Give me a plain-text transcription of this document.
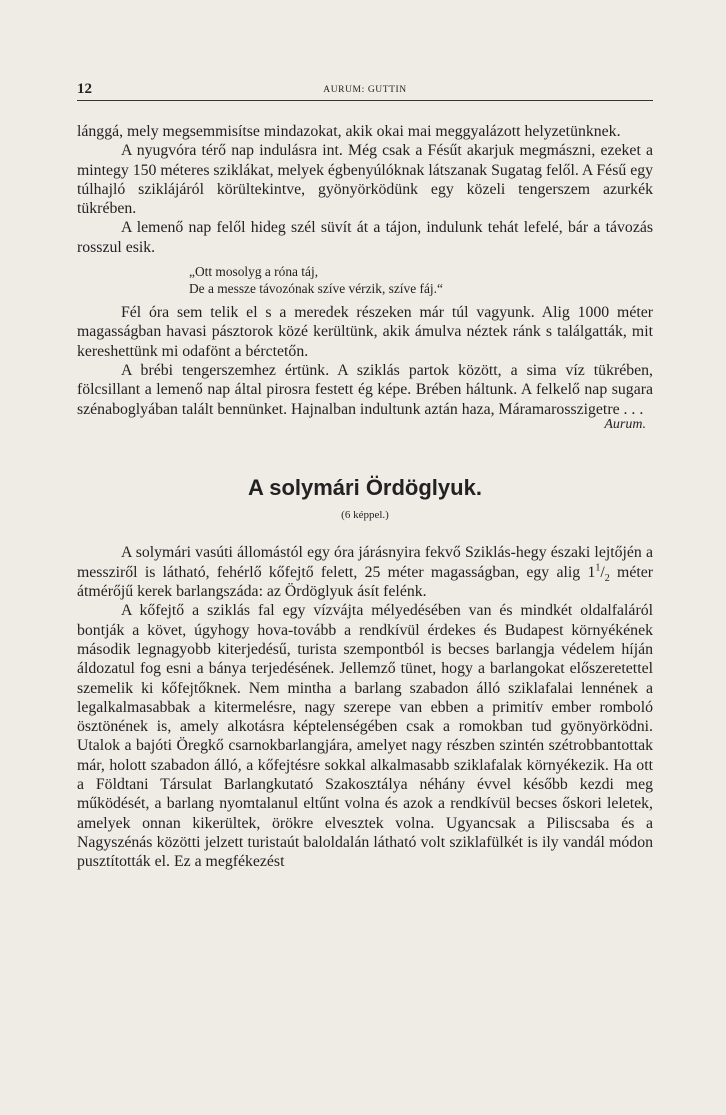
12	AURUM: GUTTIN

lánggá, mely megsemmisítse mindazokat, akik okai mai meggyalázott helyzetünknek.

A nyugvóra térő nap indulásra int. Még csak a Fésűt akarjuk megmászni, ezeket a mintegy 150 méteres sziklákat, melyek égbenyúlóknak látszanak Sugatag felől. A Fésű egy túlhajló sziklájáról körültekintve, gyönyörködünk egy közeli tengerszem azurkék tükrében.

A lemenő nap felől hideg szél süvít át a tájon, indulunk tehát lefelé, bár a távozás rosszul esik.

„Ott mosolyg a róna táj,
De a messze távozónak szíve vérzik, szíve fáj.“

Fél óra sem telik el s a meredek részeken már túl vagyunk. Alig 1000 méter magasságban havasi pásztorok közé kerültünk, akik ámulva néztek ránk s találgatták, mit kereshettünk mi odafönt a bérctetőn.

A brébi tengerszemhez értünk. A sziklás partok között, a sima víz tükrében, fölcsillant a lemenő nap által pirosra festett ég képe. Brében háltunk. A felkelő nap sugara szénaboglyában talált bennünket. Hajnalban indultunk aztán haza, Máramarosszigetre . . .

Aurum.
A solymári Ördöglyuk.
(6 képpel.)

A solymári vasúti állomástól egy óra járásnyira fekvő Sziklás-hegy északi lejtőjén a messziről is látható, fehérlő kőfejtő felett, 25 méter magasságban, egy alig $1^1/_2$ méter átmérőjű kerek barlangszáda: az Ördöglyuk ásít felénk.

A kőfejtő a sziklás fal egy vízvájta mélyedésében van és mindkét oldalfaláról bontják a követ, úgyhogy hova-tovább a rendkívül érdekes és Budapest környékének második legnagyobb kiterjedésű, turista szempontból is becses barlangja védelem híján áldozatul fog esni a bánya terjedésének. Jellemző tünet, hogy a barlangokat előszeretettel szemelik ki kőfejtőknek. Nem mintha a barlang szabadon álló sziklafalai lennének a legalkalmasabbak a kitermelésre, nagy szerepe van ebben a primitív ember romboló ösztönének is, amely alkotásra képtelenségében csak a romokban tud gyönyörködni. Utalok a bajóti Öregkő csarnokbarlangjára, amelyet nagy részben szintén szétrobbantottak már, holott szabadon álló, a kőfejtésre sokkal alkalmasabb sziklafalak környékezik. Ha ott a Földtani Társulat Barlangkutató Szakosztálya néhány évvel később kezdi meg működését, a barlang nyomtalanul eltűnt volna és azok a rendkívül becses őskori leletek, amelyek onnan kikerültek, örökre elvesztek volna. Ugyancsak a Piliscsaba és a Nagyszénás közötti jelzett turistaút baloldalán látható volt sziklafülkét is ily vandál módon pusztították el. Ez a megfékezést
